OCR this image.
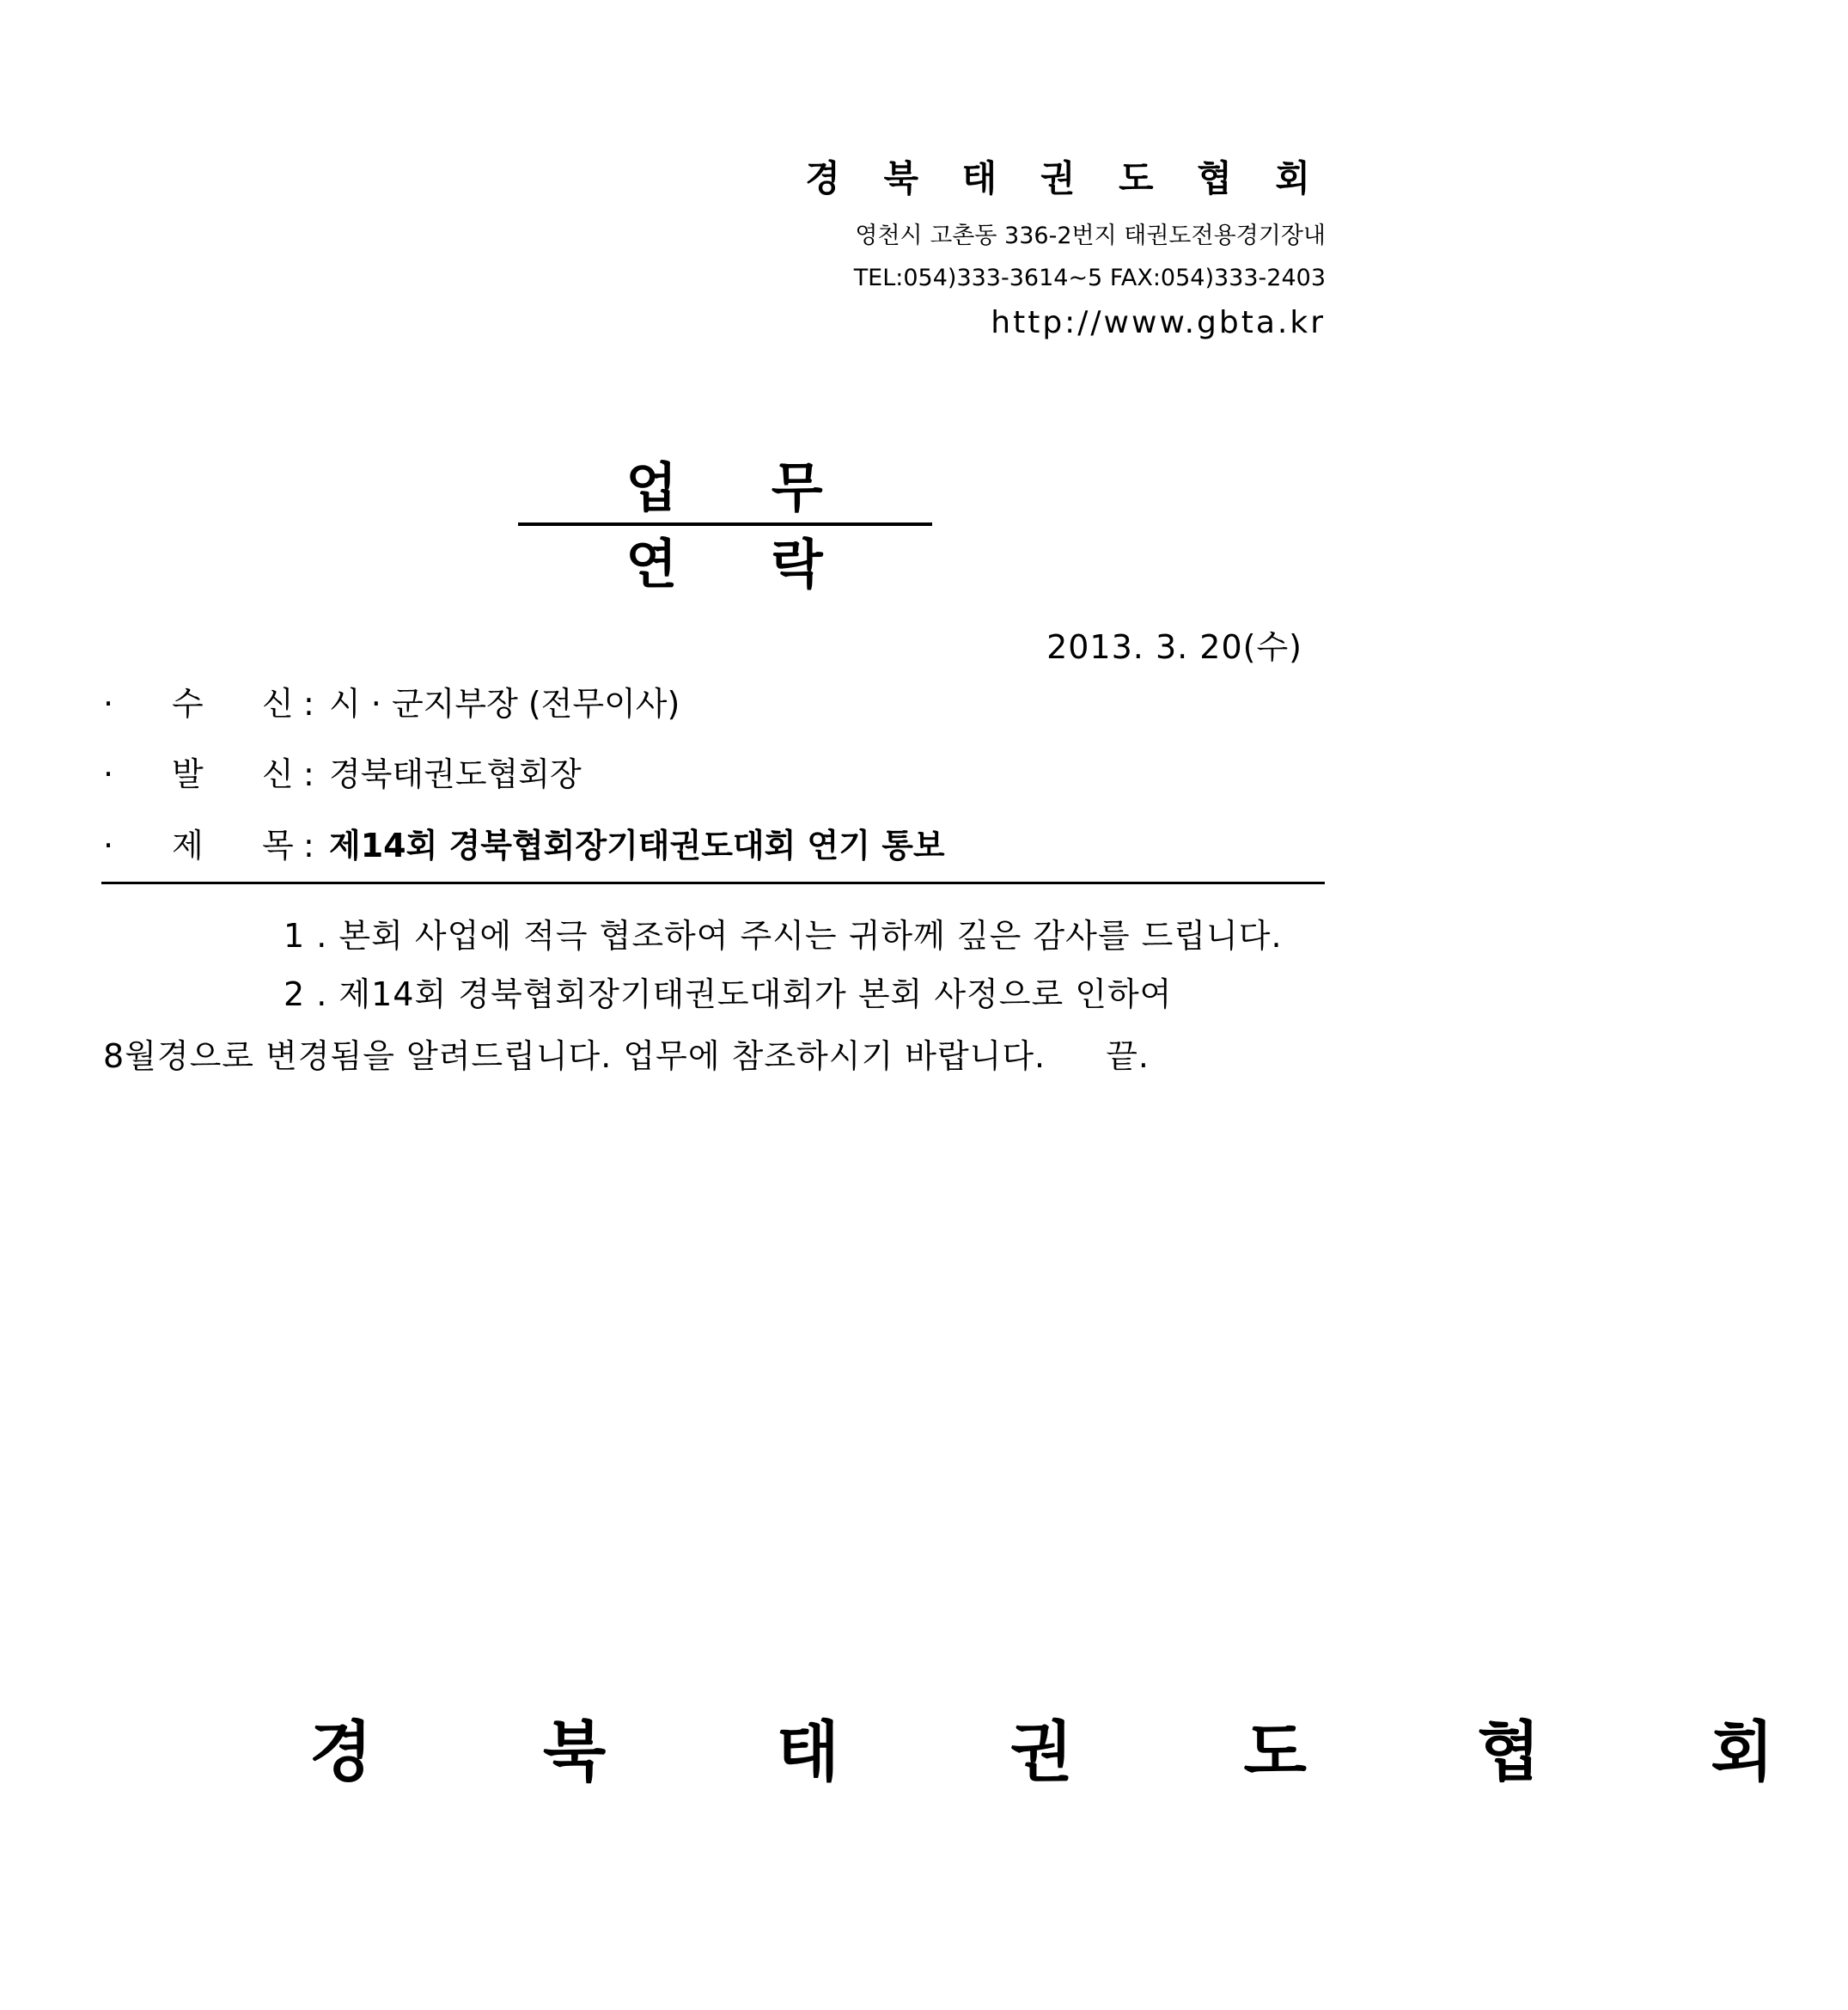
경 북 태 권 도 협 회
영천시 고촌동 336-2번지 태권도전용경기장내
TEL:054)333-3614~5 FAX:054)333-2403
http://www.gbta.kr
업 무 연 락
2013. 3. 20(수)
· 수 신 : 시 · 군지부장 (전무이사)
· 발 신 : 경북태권도협회장
· 제 목 : 제14회 경북협회장기태권도대회 연기 통보
1 . 본회 사업에 적극 협조하여 주시는 귀하께 깊은 감사를 드립니다.
2 . 제14회 경북협회장기태권도대회가 본회 사정으로 인하여
8월경으로 변경됨을 알려드립니다. 업무에 참조하시기 바랍니다. 끝.
경 북 태 권 도 협 회
